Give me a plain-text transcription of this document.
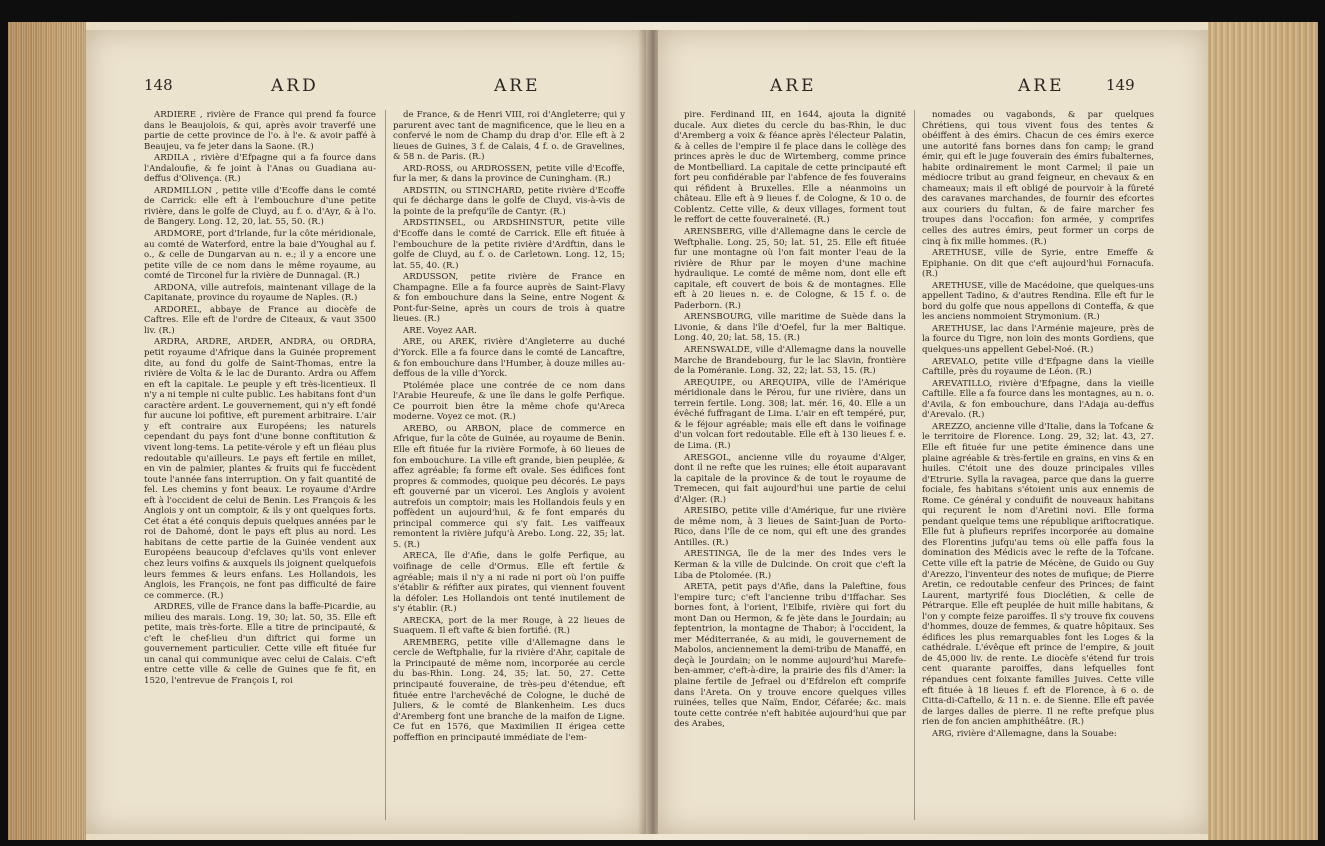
148	ARD	ARE

ARDIERE , rivière de France qui prend fa fource dans le Beaujolois, & qui, après avoir traverfé une partie de cette province de l'o. à l'e. & avoir paffé à Beaujeu, va fe jeter dans la Saone. (R.)

ARDILA , rivière d'Efpagne qui a fa fource dans l'Andaloufie, & fe joint à l'Anas ou Guadiana au-deffus d'Olivença. (R.)

ARDMILLON , petite ville d'Ecoffe dans le comté de Carrick: elle eft à l'embouchure d'une petite rivière, dans le golfe de Cluyd, au f. o. d'Ayr, & à l'o. de Bangery. Long. 12, 20, lat. 55, 50. (R.)

ARDMORE, port d'Irlande, fur la côte méridionale, au comté de Waterford, entre la baie d'Youghal au f. o., & celle de Dungarvan au n. e.; il y a encore une petite ville de ce nom dans le même royaume, au comté de Tirconel fur la rivière de Dunnagal. (R.)

ARDONA, ville autrefois, maintenant village de la Capitanate, province du royaume de Naples. (R.)

ARDOREL, abbaye de France au diocèfe de Caftres. Elle eft de l'ordre de Citeaux, & vaut 3500 liv. (R.)

ARDRA, ARDRE, ARDER, ANDRA, ou ORDRA, petit royaume d'Afrique dans la Guinée proprement dite, au fond du golfe de Saint-Thomas, entre la rivière de Volta & le lac de Duranto. Ardra ou Affem en eft la capitale. Le peuple y eft très-licentieux. Il n'y a ni temple ni culte public. Les habitans font d'un caractère ardent. Le gouvernement, qui n'y eft fondé fur aucune loi pofitive, eft purement arbitraire. L'air y eft contraire aux Européens; les naturels cependant du pays font d'une bonne conftitution & vivent long-tems. La petite-vérole y eft un fléau plus redoutable qu'ailleurs. Le pays eft fertile en millet, en vin de palmier, plantes & fruits qui fe fuccèdent toute l'année fans interruption. On y fait quantité de fel. Les chemins y font beaux. Le royaume d'Ardre eft à l'occident de celui de Benin. Les François & les Anglois y ont un comptoir, & ils y ont quelques forts. Cet état a été conquis depuis quelques années par le roi de Dahomé, dont le pays eft plus au nord. Les habitans de cette partie de la Guinée vendent aux Européens beaucoup d'efclaves qu'ils vont enlever chez leurs voifins & auxquels ils joignent quelquefois leurs femmes & leurs enfans. Les Hollandois, les Anglois, les François, ne font pas difficulté de faire ce commerce. (R.)

ARDRES, ville de France dans la baffe-Picardie, au milieu des marais. Long. 19, 30; lat. 50, 35. Elle eft petite, mais très-forte. Elle a titre de principauté, & c'eft le chef-lieu d'un diftrict qui forme un gouvernement particulier. Cette ville eft fituée fur un canal qui communique avec celui de Calais. C'eft entre cette ville & celle de Guines que fe fit, en 1520, l'entrevue de François I, roi

de France, & de Henri VIII, roi d'Angleterre; qui y parurent avec tant de magnificence, que le lieu en a confervé le nom de Champ du drap d'or. Elle eft à 2 lieues de Guines, 3 f. de Calais, 4 f. o. de Gravelines, & 58 n. de Paris. (R.)

ARD-ROSS, ou ARDROSSEN, petite ville d'Ecoffe, fur la mer, & dans la province de Cuningham. (R.)

ARDSTIN, ou STINCHARD, petite rivière d'Ecoffe qui fe décharge dans le golfe de Cluyd, vis-à-vis de la pointe de la prefqu'île de Cantyr. (R.)

ARDSTINSEL, ou ARDSHINSTUR, petite ville d'Ecoffe dans le comté de Carrick. Elle eft fituée à l'embouchure de la petite rivière d'Ardftin, dans le golfe de Cluyd, au f. o. de Carletown. Long. 12, 15; lat. 55, 40. (R.)

ARDUSSON, petite rivière de France en Champagne. Elle a fa fource auprès de Saint-Flavy & fon embouchure dans la Seine, entre Nogent & Pont-fur-Seine, après un cours de trois à quatre lieues. (R.)

ARE. Voyez AAR.

ARE, ou AREK, rivière d'Angleterre au duché d'Yorck. Elle a fa fource dans le comté de Lancaftre, & fon embouchure dans l'Humber, à douze milles au-deffous de la ville d'Yorck.

Ptolémée place une contrée de ce nom dans l'Arabie Heureufe, & une île dans le golfe Perfique. Ce pourroit bien être la même chofe qu'Areca moderne. Voyez ce mot. (R.)

AREBO, ou ARBON, place de commerce en Afrique, fur la côte de Guinée, au royaume de Benin. Elle eft fituée fur la rivière Formofe, à 60 lieues de fon embouchure. La ville eft grande, bien peuplée, & affez agréable; fa forme eft ovale. Ses édifices font propres & commodes, quoique peu décorés. Le pays eft gouverné par un viceroi. Les Anglois y avoient autrefois un comptoir; mais les Hollandois feuls y en poffèdent un aujourd'hui, & fe font emparés du principal commerce qui s'y fait. Les vaiffeaux remontent la rivière jufqu'à Arebo. Long. 22, 35; lat. 5. (R.)

ARECA, île d'Afie, dans le golfe Perfique, au voifinage de celle d'Ormus. Elle eft fertile & agréable; mais il n'y a ni rade ni port où l'on puiffe s'établir & réfifter aux pirates, qui viennent fouvent la défoler. Les Hollandois ont tenté inutilement de s'y établir. (R.)

ARECKA, port de la mer Rouge, à 22 lieues de Suaquem. Il eft vafte & bien fortifié. (R.)

AREMBERG, petite ville d'Allemagne dans le cercle de Weftphalie, fur la rivière d'Ahr, capitale de la Principauté de même nom, incorporée au cercle du bas-Rhin. Long. 24, 35; lat. 50, 27. Cette principauté fouveraine, de très-peu d'étendue, eft fituée entre l'archevêché de Cologne, le duché de Juliers, & le comté de Blankenheim. Les ducs d'Aremberg font une branche de la maifon de Ligne. Ce fut en 1576, que Maximilien II érigea cette poffeffion en principauté immédiate de l'em-

ARE	ARE	149

pire. Ferdinand III, en 1644, ajouta la dignité ducale. Aux dietes du cercle du bas-Rhin, le duc d'Aremberg a voix & féance après l'électeur Palatin, & à celles de l'empire il fe place dans le collège des princes après le duc de Wirtemberg, comme prince de Montbelliard. La capitale de cette principauté eft fort peu confidérable par l'abfence de fes fouverains qui réfident à Bruxelles. Elle a néanmoins un château. Elle eft à 9 lieues f. de Cologne, & 10 o. de Coblentz. Cette ville, & deux villages, forment tout le reffort de cette fouveraineté. (R.)

ARENSBERG, ville d'Allemagne dans le cercle de Weftphalie. Long. 25, 50; lat. 51, 25. Elle eft fituée fur une montagne où l'on fait monter l'eau de la rivière de Rhur par le moyen d'une machine hydraulique. Le comté de même nom, dont elle eft capitale, eft couvert de bois & de montagnes. Elle eft à 20 lieues n. e. de Cologne, & 15 f. o. de Paderborn. (R.)

ARENSBOURG, ville maritime de Suède dans la Livonie, & dans l'île d'Oefel, fur la mer Baltique. Long. 40, 20; lat. 58, 15. (R.)

ARENSWALDE, ville d'Allemagne dans la nouvelle Marche de Brandebourg, fur le lac Slavin, frontière de la Poméranie. Long. 32, 22; lat. 53, 15. (R.)

AREQUIPE, ou AREQUIPA, ville de l'Amérique méridionale dans le Pérou, fur une rivière, dans un terrein fertile. Long. 308; lat. mér. 16, 40. Elle a un évêché fuffragant de Lima. L'air en eft tempéré, pur, & le féjour agréable; mais elle eft dans le voifinage d'un volcan fort redoutable. Elle eft à 130 lieues f. e. de Lima. (R.)

ARESGOL, ancienne ville du royaume d'Alger, dont il ne refte que les ruines; elle étoit auparavant la capitale de la province & de tout le royaume de Tremecen, qui fait aujourd'hui une partie de celui d'Alger. (R.)

ARESIBO, petite ville d'Amérique, fur une rivière de même nom, à 3 lieues de Saint-Juan de Porto-Rico, dans l'île de ce nom, qui eft une des grandes Antilles. (R.)

ARESTINGA, île de la mer des Indes vers le Kerman & la ville de Dulcinde. On croit que c'eft la Liba de Ptolomée. (R.)

ARETA, petit pays d'Afie, dans la Paleftine, fous l'empire turc; c'eft l'ancienne tribu d'Iffachar. Ses bornes font, à l'orient, l'Elbife, rivière qui fort du mont Dan ou Hermon, & fe jète dans le Jourdain; au feptentrion, la montagne de Thabor; à l'occident, la mer Méditerranée, & au midi, le gouvernement de Mabolos, anciennement la demi-tribu de Manaffé, en deçà le Jourdain; on le nomme aujourd'hui Marefe-ben-ammer, c'eft-à-dire, la prairie des fils d'Amer: la plaine fertile de Jefrael ou d'Efdrelon eft comprife dans l'Areta. On y trouve encore quelques villes ruinées, telles que Naïm, Endor, Céfarée; &c. mais toute cette contrée n'eft habitée aujourd'hui que par des Arabes,

nomades ou vagabonds, & par quelques Chrétiens, qui tous vivent fous des tentes & obéiffent à des émirs. Chacun de ces émirs exerce une autorité fans bornes dans fon camp; le grand émir, qui eft le juge fouverain des émirs fubalternes, habite ordinairement le mont Carmel; il paie un médiocre tribut au grand feigneur, en chevaux & en chameaux; mais il eft obligé de pourvoir à la fûreté des caravanes marchandes, de fournir des efcortes aux couriers du fultan, & de faire marcher fes troupes dans l'occafion: fon armée, y comprifes celles des autres émirs, peut former un corps de cinq à fix mille hommes. (R.)

ARETHUSE, ville de Syrie, entre Emeffe & Epiphanie. On dit que c'eft aujourd'hui Fornacufa. (R.)

ARETHUSE, ville de Macédoine, que quelques-uns appellent Tadino, & d'autres Rendina. Elle eft fur le bord du golfe que nous appellons di Conteffa, & que les anciens nommoient Strymonium. (R.)

ARETHUSE, lac dans l'Arménie majeure, près de la fource du Tigre, non loin des monts Gordiens, que quelques-uns appellent Gebel-Noé. (R.)

AREVALO, petite ville d'Efpagne dans la vieille Caftille, près du royaume de Léon. (R.)

AREVATILLO, rivière d'Efpagne, dans la vieille Caftille. Elle a fa fource dans les montagnes, au n. o. d'Avila, & fon embouchure, dans l'Adaja au-deffus d'Arevalo. (R.)

AREZZO, ancienne ville d'Italie, dans la Tofcane & le territoire de Florence. Long. 29, 32; lat. 43, 27. Elle eft fituée fur une petite éminence dans une plaine agréable & très-fertile en grains, en vins & en huiles. C'étoit une des douze principales villes d'Etrurie. Sylla la ravagea, parce que dans la guerre fociale, fes habitans s'étoient unis aux ennemis de Rome. Ce général y conduifit de nouveaux habitans qui reçurent le nom d'Aretini novi. Elle forma pendant quelque tems une république ariftocratique. Elle fut à plufieurs reprifes incorporée au domaine des Florentins jufqu'au tems où elle paffa fous la domination des Médicis avec le refte de la Tofcane. Cette ville eft la patrie de Mécène, de Guido ou Guy d'Arezzo, l'inventeur des notes de mufique; de Pierre Aretin, ce redoutable cenfeur des Princes; de faint Laurent, martyrifé fous Dioclétien, & celle de Pétrarque. Elle eft peuplée de huit mille habitans, & l'on y compte feize paroiffes. Il s'y trouve fix couvens d'hommes, douze de femmes, & quatre hôpitaux. Ses édifices les plus remarquables font les Loges & la cathédrale. L'évêque eft prince de l'empire, & jouit de 45,000 liv. de rente. Le diocèfe s'étend fur trois cent quarante paroiffes, dans lefquelles font répandues cent foixante familles Juives. Cette ville eft fituée à 18 lieues f. eft de Florence, à 6 o. de Citta-di-Caftello, & 11 n. e. de Sienne. Elle eft pavée de larges dalles de pierre. Il ne refte prefque plus rien de fon ancien amphithéâtre. (R.)

ARG, rivière d'Allemagne, dans la Souabe:
